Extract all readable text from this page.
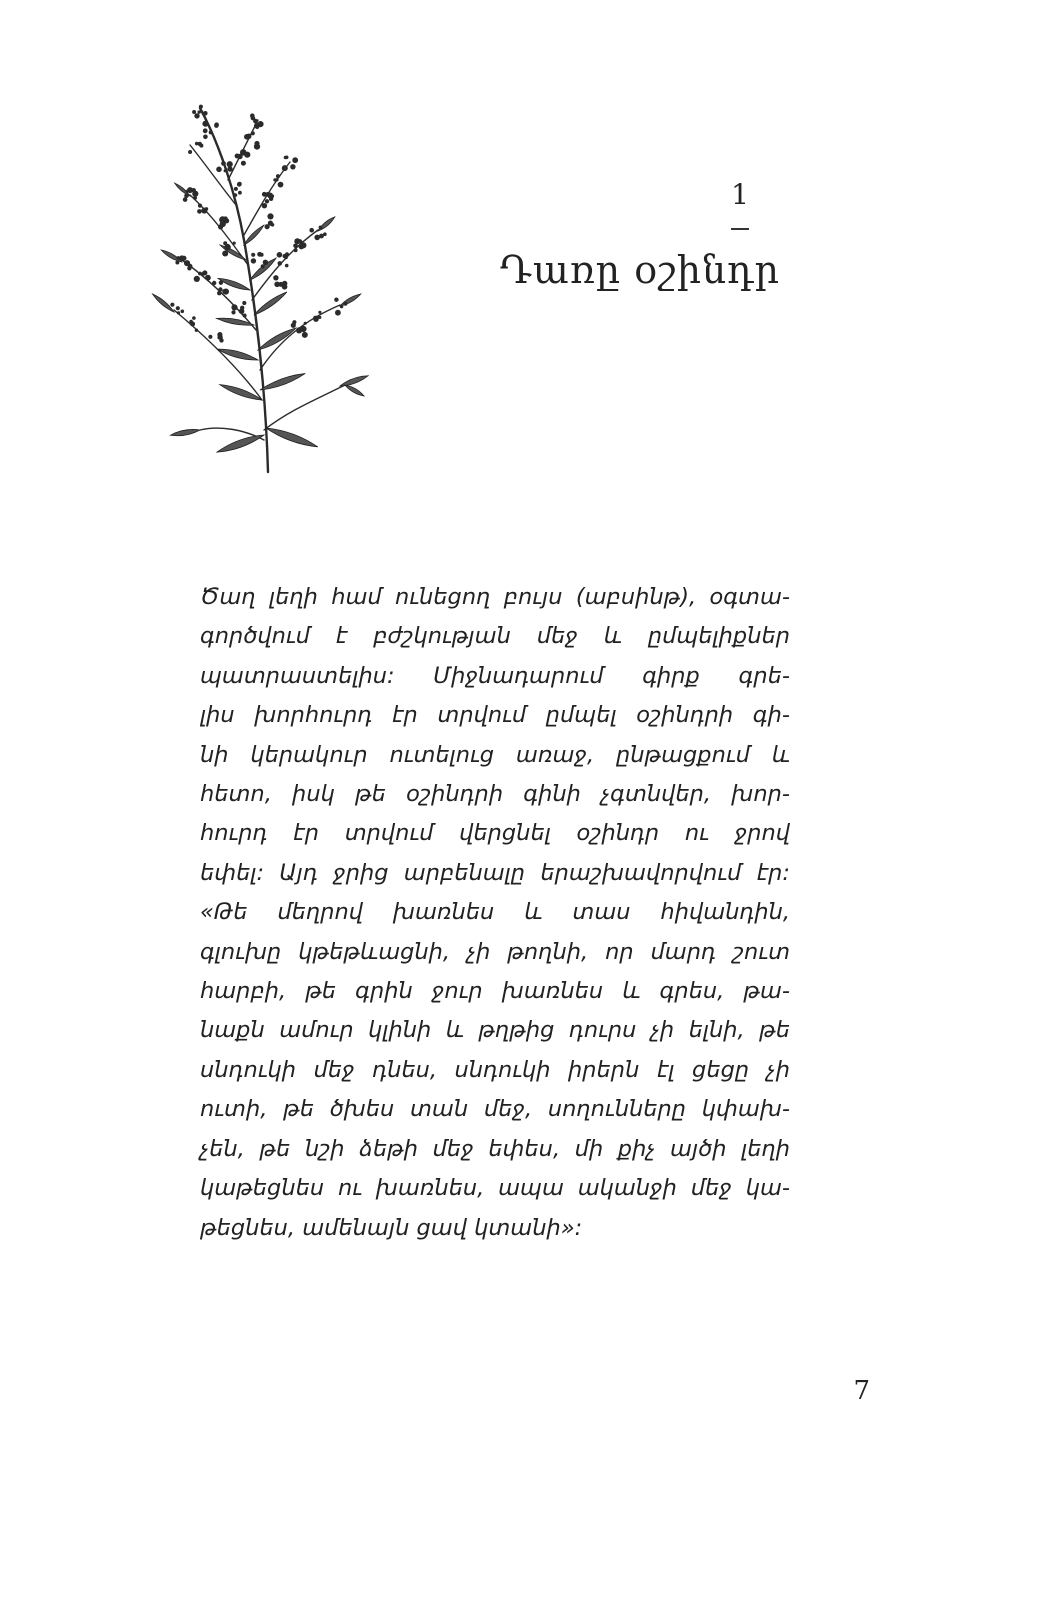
1
Դառը օշինդր
Ծաղ լեղի համ ունեցող բույս (աբսինթ), օգտա-
գործվում է բժշկության մեջ և ըմպելիքներ
պատրաստելիս: Միջնադարում գիրք գրե-
լիս խորհուրդ էր տրվում ըմպել օշինդրի գի-
նի կերակուր ուտելուց առաջ, ընթացքում և
հետո, իսկ թե օշինդրի գինի չգտնվեր, խոր-
հուրդ էր տրվում վերցնել օշինդր ու ջրով
եփել: Այդ ջրից արբենալը երաշխավորվում էր:
«Թե մեղրով խառնես և տաս հիվանդին,
գլուխը կթեթևացնի, չի թողնի, որ մարդ շուտ
հարբի, թե գրին ջուր խառնես և գրես, թա-
նաքն ամուր կլինի և թղթից դուրս չի ելնի, թե
սնդուկի մեջ դնես, սնդուկի իրերն էլ ցեցը չի
ուտի, թե ծխես տան մեջ, սողունները կփախ-
չեն, թե նշի ձեթի մեջ եփես, մի քիչ այծի լեղի
կաթեցնես ու խառնես, ապա ականջի մեջ կա-
թեցնես, ամենայն ցավ կտանի»:
7
